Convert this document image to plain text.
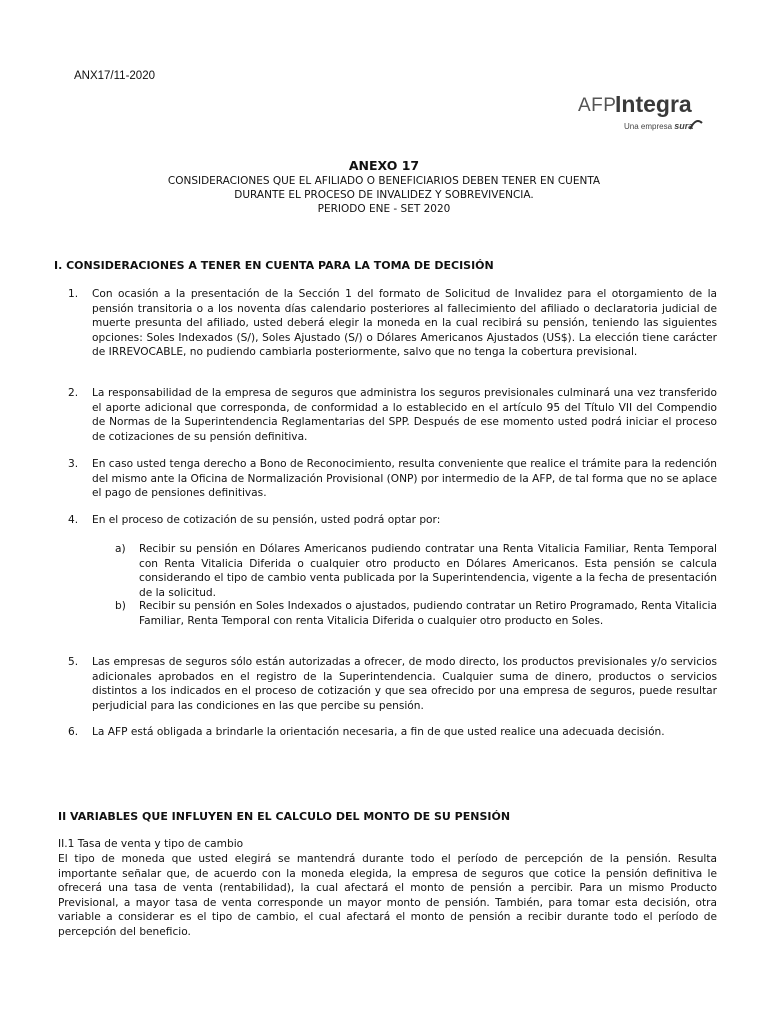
ANX17/11-2020
AFP
Integra
Una empresa sura
ANEXO 17
CONSIDERACIONES QUE EL AFILIADO O BENEFICIARIOS DEBEN TENER EN CUENTA
DURANTE EL PROCESO DE INVALIDEZ Y SOBREVIVENCIA.
PERIODO ENE - SET 2020
I. CONSIDERACIONES A TENER EN CUENTA PARA LA TOMA DE DECISIÓN
1. Con ocasión a la presentación de la Sección 1 del formato de Solicitud de Invalidez para el otorgamiento de la pensión transitoria o a los noventa días calendario posteriores al fallecimiento del afiliado o declaratoria judicial de muerte presunta del afiliado, usted deberá elegir la moneda en la cual recibirá su pensión, teniendo las siguientes opciones: Soles Indexados (S/), Soles Ajustado (S/) o Dólares Americanos Ajustados (US$). La elección tiene carácter de IRREVOCABLE, no pudiendo cambiarla posteriormente, salvo que no tenga la cobertura previsional.
2. La responsabilidad de la empresa de seguros que administra los seguros previsionales culminará una vez transferido el aporte adicional que corresponda, de conformidad a lo establecido en el artículo 95 del Título VII del Compendio de Normas de la Superintendencia Reglamentarias del SPP. Después de ese momento usted podrá iniciar el proceso de cotizaciones de su pensión definitiva.
3. En caso usted tenga derecho a Bono de Reconocimiento, resulta conveniente que realice el trámite para la redención del mismo ante la Oficina de Normalización Provisional (ONP) por intermedio de la AFP, de tal forma que no se aplace el pago de pensiones definitivas.
4. En el proceso de cotización de su pensión, usted podrá optar por:
a) Recibir su pensión en Dólares Americanos pudiendo contratar una Renta Vitalicia Familiar, Renta Temporal con Renta Vitalicia Diferida o cualquier otro producto en Dólares Americanos. Esta pensión se calcula considerando el tipo de cambio venta publicada por la Superintendencia, vigente a la fecha de presentación de la solicitud.
b) Recibir su pensión en Soles Indexados o ajustados, pudiendo contratar un Retiro Programado, Renta Vitalicia Familiar, Renta Temporal con renta Vitalicia Diferida o cualquier otro producto en Soles.
5. Las empresas de seguros sólo están autorizadas a ofrecer, de modo directo, los productos previsionales y/o servicios adicionales aprobados en el registro de la Superintendencia. Cualquier suma de dinero, productos o servicios distintos a los indicados en el proceso de cotización y que sea ofrecido por una empresa de seguros, puede resultar perjudicial para las condiciones en las que percibe su pensión.
6. La AFP está obligada a brindarle la orientación necesaria, a fin de que usted realice una adecuada decisión.
II VARIABLES QUE INFLUYEN EN EL CALCULO DEL MONTO DE SU PENSIÓN
II.1 Tasa de venta y tipo de cambio
El tipo de moneda que usted elegirá se mantendrá durante todo el período de percepción de la pensión. Resulta importante señalar que, de acuerdo con la moneda elegida, la empresa de seguros que cotice la pensión definitiva le ofrecerá una tasa de venta (rentabilidad), la cual afectará el monto de pensión a percibir. Para un mismo Producto Previsional, a mayor tasa de venta corresponde un mayor monto de pensión. También, para tomar esta decisión, otra variable a considerar es el tipo de cambio, el cual afectará el monto de pensión a recibir durante todo el período de percepción del beneficio.
